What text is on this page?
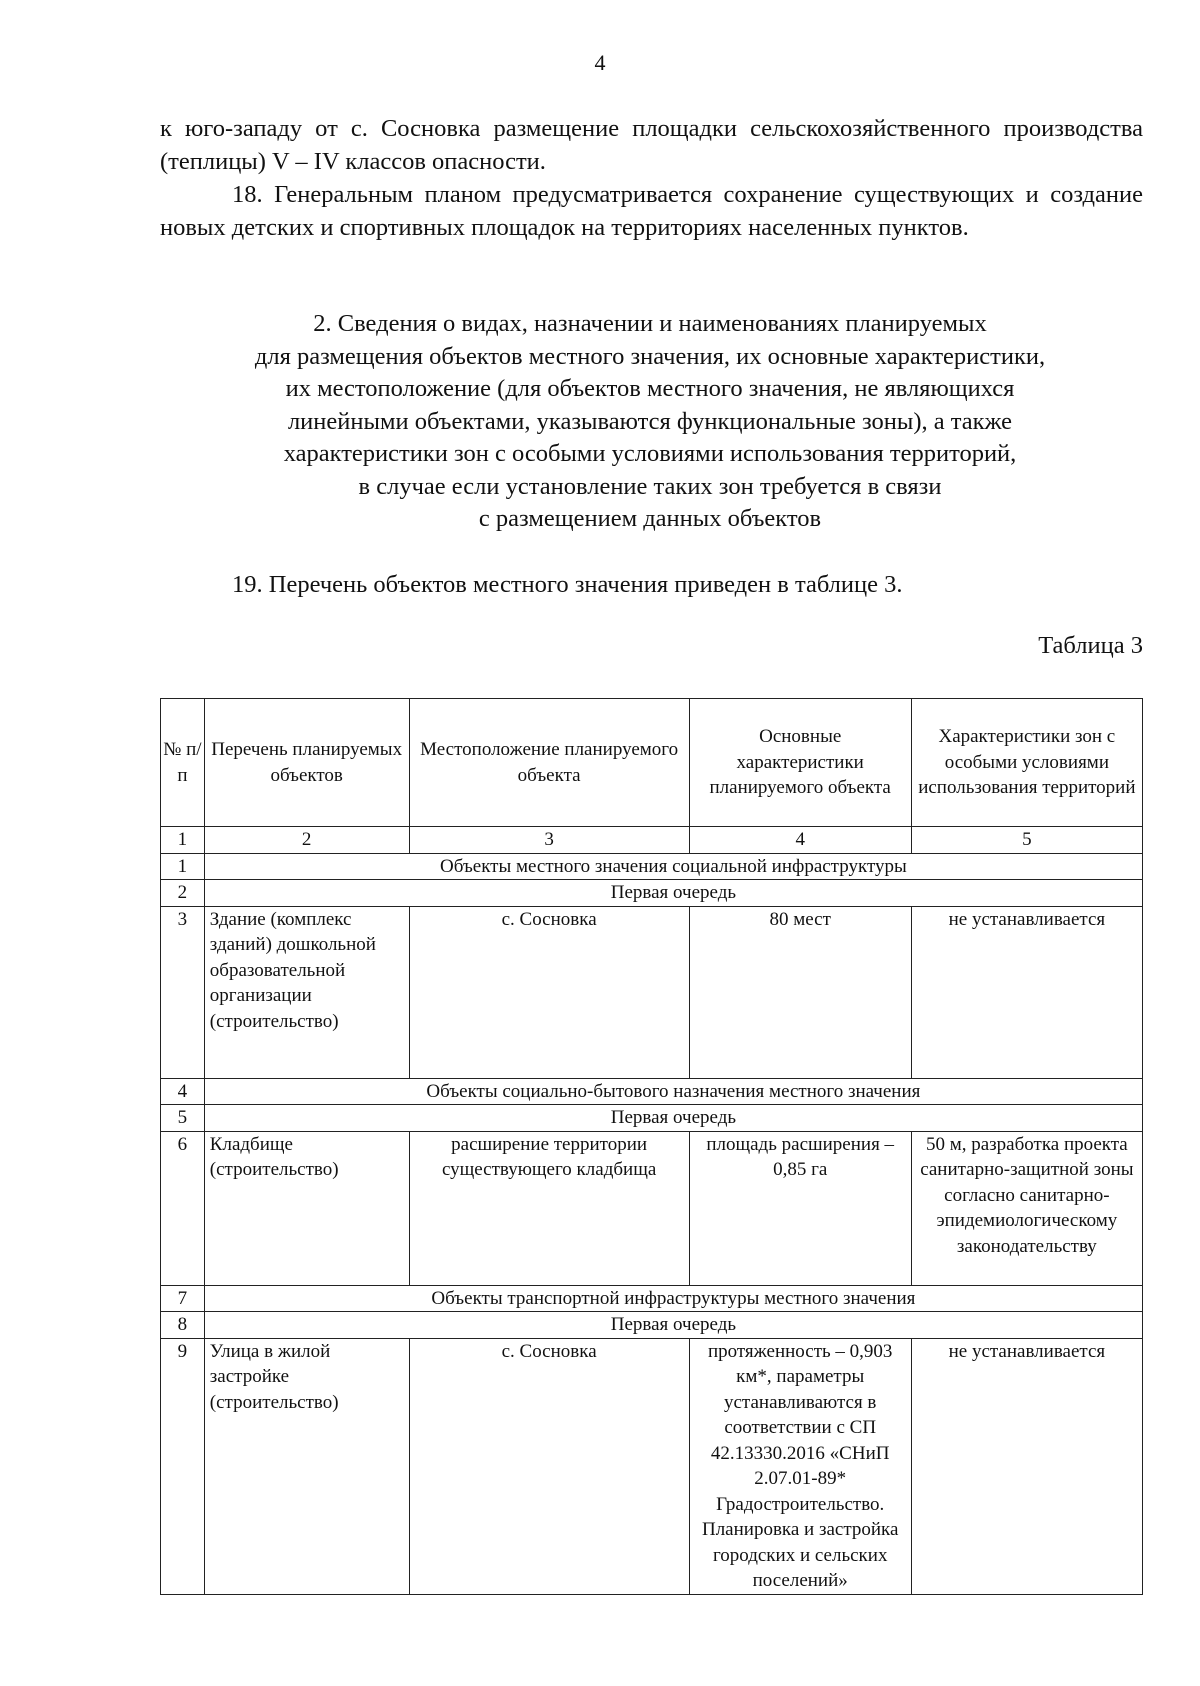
4
к юго-западу от с. Сосновка размещение площадки сельскохозяйственного производства (теплицы) V – IV классов опасности.
18. Генеральным планом предусматривается сохранение существующих и создание новых детских и спортивных площадок на территориях населенных пунктов.
2. Сведения о видах, назначении и наименованиях планируемых
для размещения объектов местного значения, их основные характеристики,
их местоположение (для объектов местного значения, не являющихся
линейными объектами, указываются функциональные зоны), а также
характеристики зон с особыми условиями использования территорий,
в случае если установление таких зон требуется в связи
с размещением данных объектов
19. Перечень объектов местного значения приведен в таблице 3.
Таблица 3
№ п/п	Перечень планируемых объектов	Местоположение планируемого объекта	Основные характеристики планируемого объекта	Характеристики зон с особыми условиями использования территорий
1	2	3	4	5
1	Объекты местного значения социальной инфраструктуры			
2	Первая очередь			
3	Здание (комплекс зданий) дошкольной образовательной организации (строительство)	с. Сосновка	80 мест	не устанавливается
4	Объекты социально-бытового назначения местного значения			
5	Первая очередь			
6	Кладбище (строительство)	расширение территории существующего кладбища	площадь расширения – 0,85 га	50 м, разработка проекта санитарно-защитной зоны согласно санитарно-эпидемиологическому законодательству
7	Объекты транспортной инфраструктуры местного значения			
8	Первая очередь			
9	Улица в жилой застройке (строительство)	с. Сосновка	протяженность – 0,903 км*, параметры устанавливаются в соответствии с СП 42.13330.2016 «СНиП 2.07.01-89* Градостроительство. Планировка и застройка городских и сельских поселений»	не устанавливается
